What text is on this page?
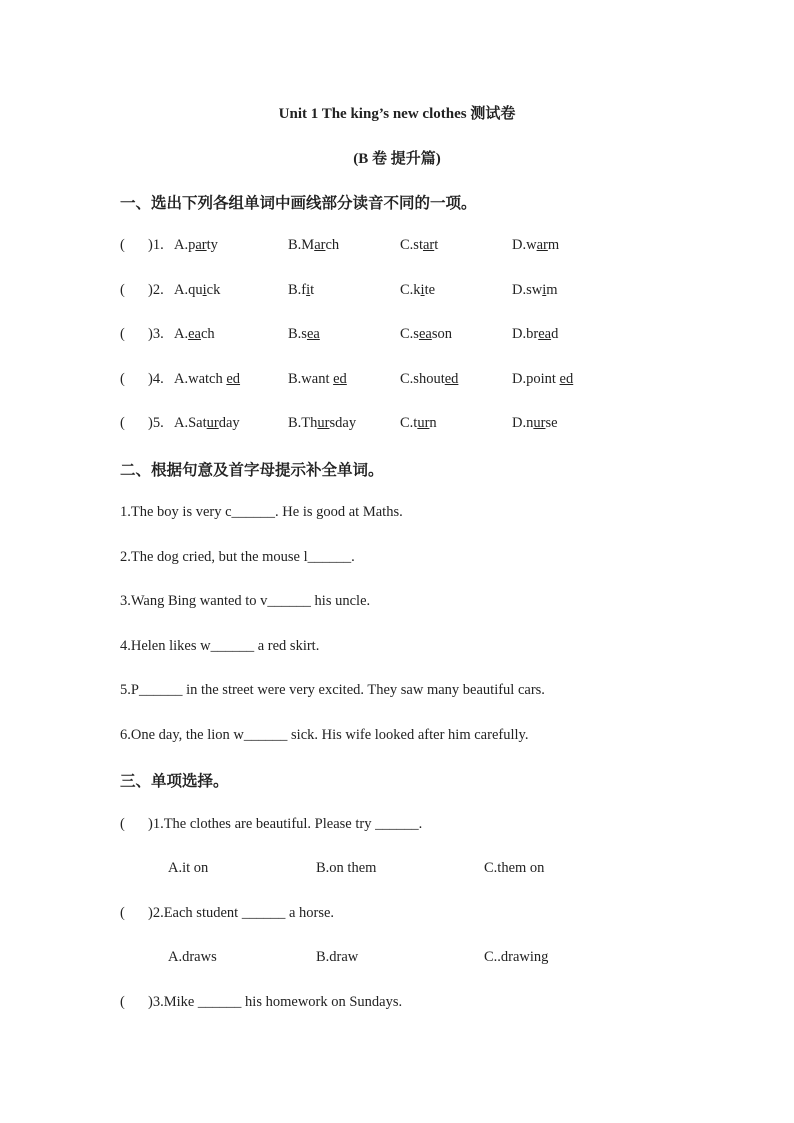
Unit 1 The king’s new clothes 测试卷
(B 卷 提升篇)
一、选出下列各组单词中画线部分读音不同的一项。
( )1. A.party	B.March	C.start	D.warm
( )2. A.quick	B.fit	C.kite	D.swim
( )3. A.each	B.sea	C.season	D.bread
( )4. A.watch ed	B.want ed	C.shouted	D.point ed
( )5. A.Saturday	B.Thursday	C.turn	D.nurse
二、根据句意及首字母提示补全单词。
1.The boy is very c______. He is good at Maths.
2.The dog cried, but the mouse l______.
3.Wang Bing wanted to v______ his uncle.
4.Helen likes w______ a red skirt.
5.P______ in the street were very excited. They saw many beautiful cars.
6.One day, the lion w______ sick. His wife looked after him carefully.
三、单项选择。
( )1.The clothes are beautiful. Please try ______.
A.it on	B.on them	C.them on
( )2.Each student ______ a horse.
A.draws	B.draw	C..drawing
( )3.Mike ______ his homework on Sundays.
